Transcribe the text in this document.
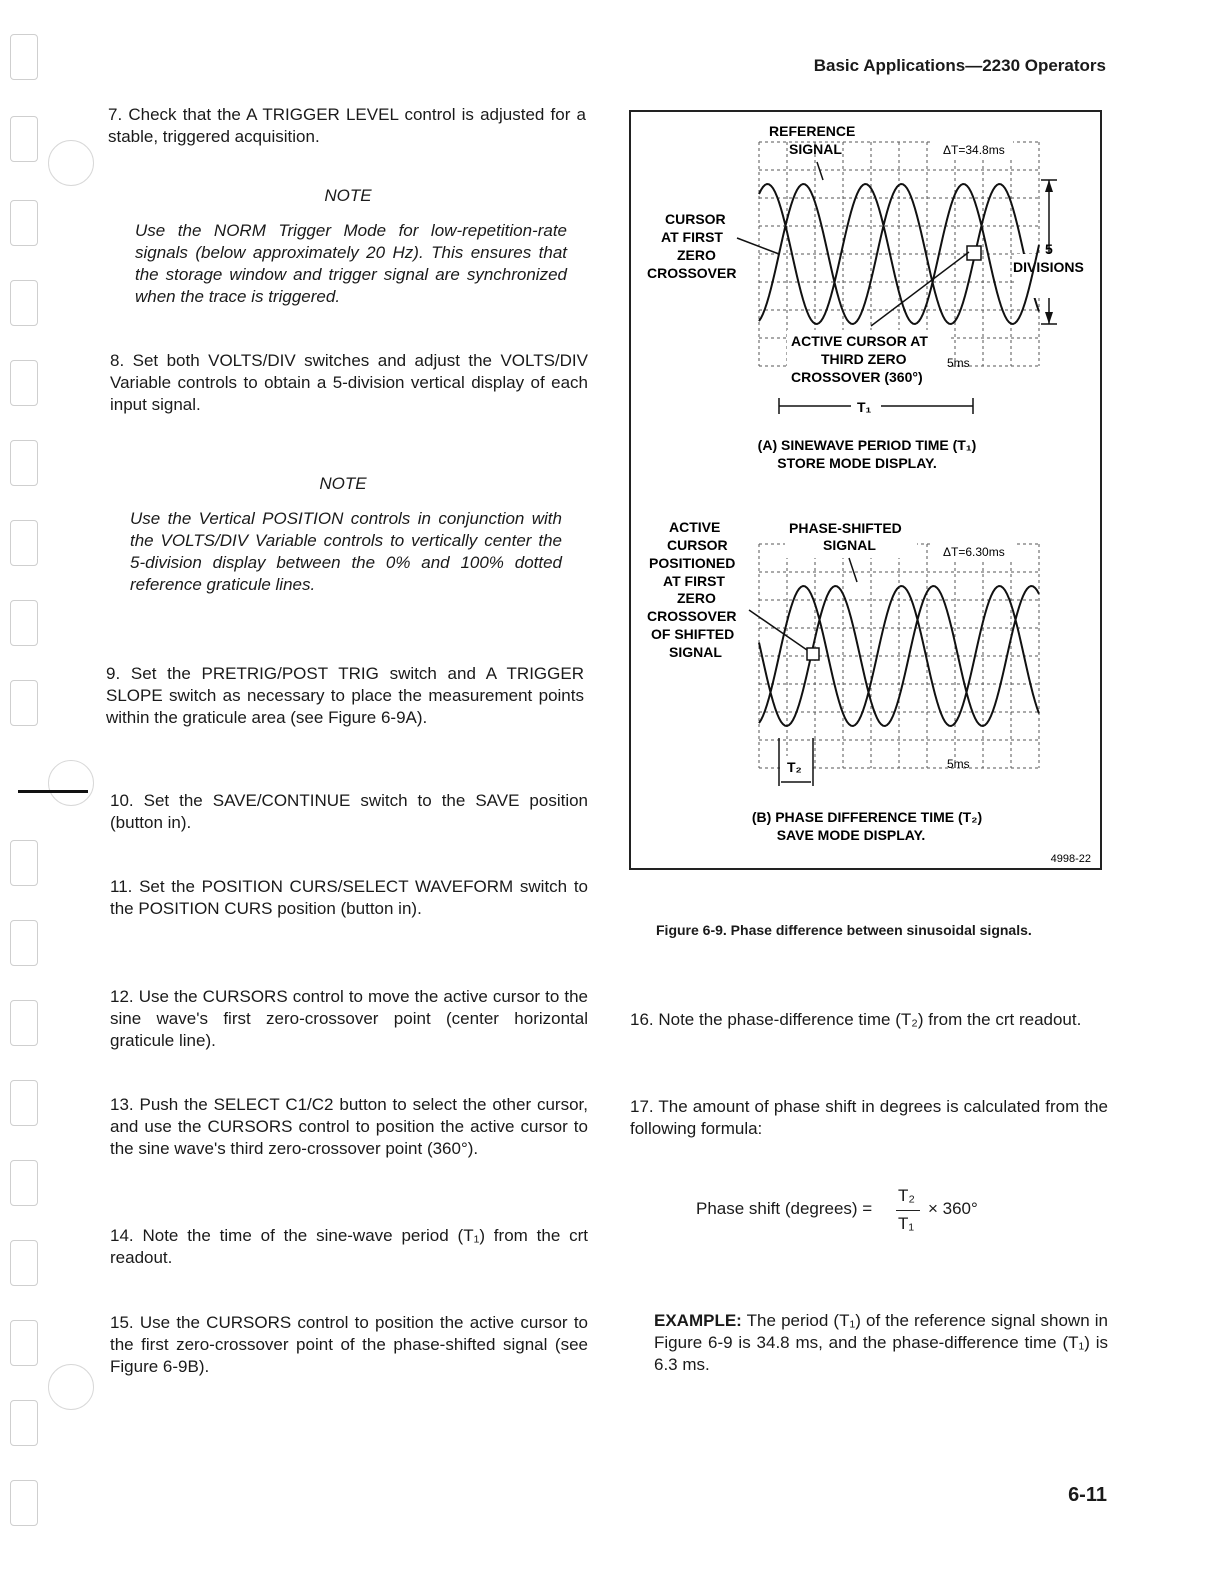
Basic Applications—2230 Operators
7. Check that the A TRIGGER LEVEL control is adjusted for a stable, triggered acquisition.
NOTE
Use the NORM Trigger Mode for low-repetition-rate signals (below approximately 20 Hz). This ensures that the storage window and trigger signal are synchronized when the trace is triggered.
8. Set both VOLTS/DIV switches and adjust the VOLTS/DIV Variable controls to obtain a 5-division vertical display of each input signal.
NOTE
Use the Vertical POSITION controls in conjunction with the VOLTS/DIV Variable controls to vertically center the 5-division display between the 0% and 100% dotted reference graticule lines.
9. Set the PRETRIG/POST TRIG switch and A TRIGGER SLOPE switch as necessary to place the measurement points within the graticule area (see Figure 6-9A).
10. Set the SAVE/CONTINUE switch to the SAVE position (button in).
11. Set the POSITION CURS/SELECT WAVEFORM switch to the POSITION CURS position (button in).
12. Use the CURSORS control to move the active cursor to the sine wave's first zero-crossover point (center horizontal graticule line).
13. Push the SELECT C1/C2 button to select the other cursor, and use the CURSORS control to position the active cursor to the sine wave's third zero-crossover point (360°).
14. Note the time of the sine-wave period (T₁) from the crt readout.
15. Use the CURSORS control to position the active cursor to the first zero-crossover point of the phase-shifted signal (see Figure 6-9B).
REFERENCE
SIGNAL	ΔT=34.8ms
CURSOR
AT FIRST
ZERO
CROSSOVER
5
DIVISIONS
ACTIVE CURSOR AT
THIRD ZERO
CROSSOVER (360°)
5ms
T₁
(A) SINEWAVE PERIOD TIME (T₁)
STORE MODE DISPLAY.
ACTIVE
CURSOR
POSITIONED
AT FIRST
ZERO
CROSSOVER
OF SHIFTED
SIGNAL
PHASE-SHIFTED
SIGNAL	ΔT=6.30ms
5ms
T₂
(B) PHASE DIFFERENCE TIME (T₂)
SAVE MODE DISPLAY.
4998-22
Figure 6-9. Phase difference between sinusoidal signals.
16. Note the phase-difference time (T₂) from the crt readout.
17. The amount of phase shift in degrees is calculated from the following formula:
Phase shift (degrees) =
T₂
T₁
× 360°
EXAMPLE: The period (T₁) of the reference signal shown in Figure 6-9 is 34.8 ms, and the phase-difference time (T₁) is 6.3 ms.
6-11
